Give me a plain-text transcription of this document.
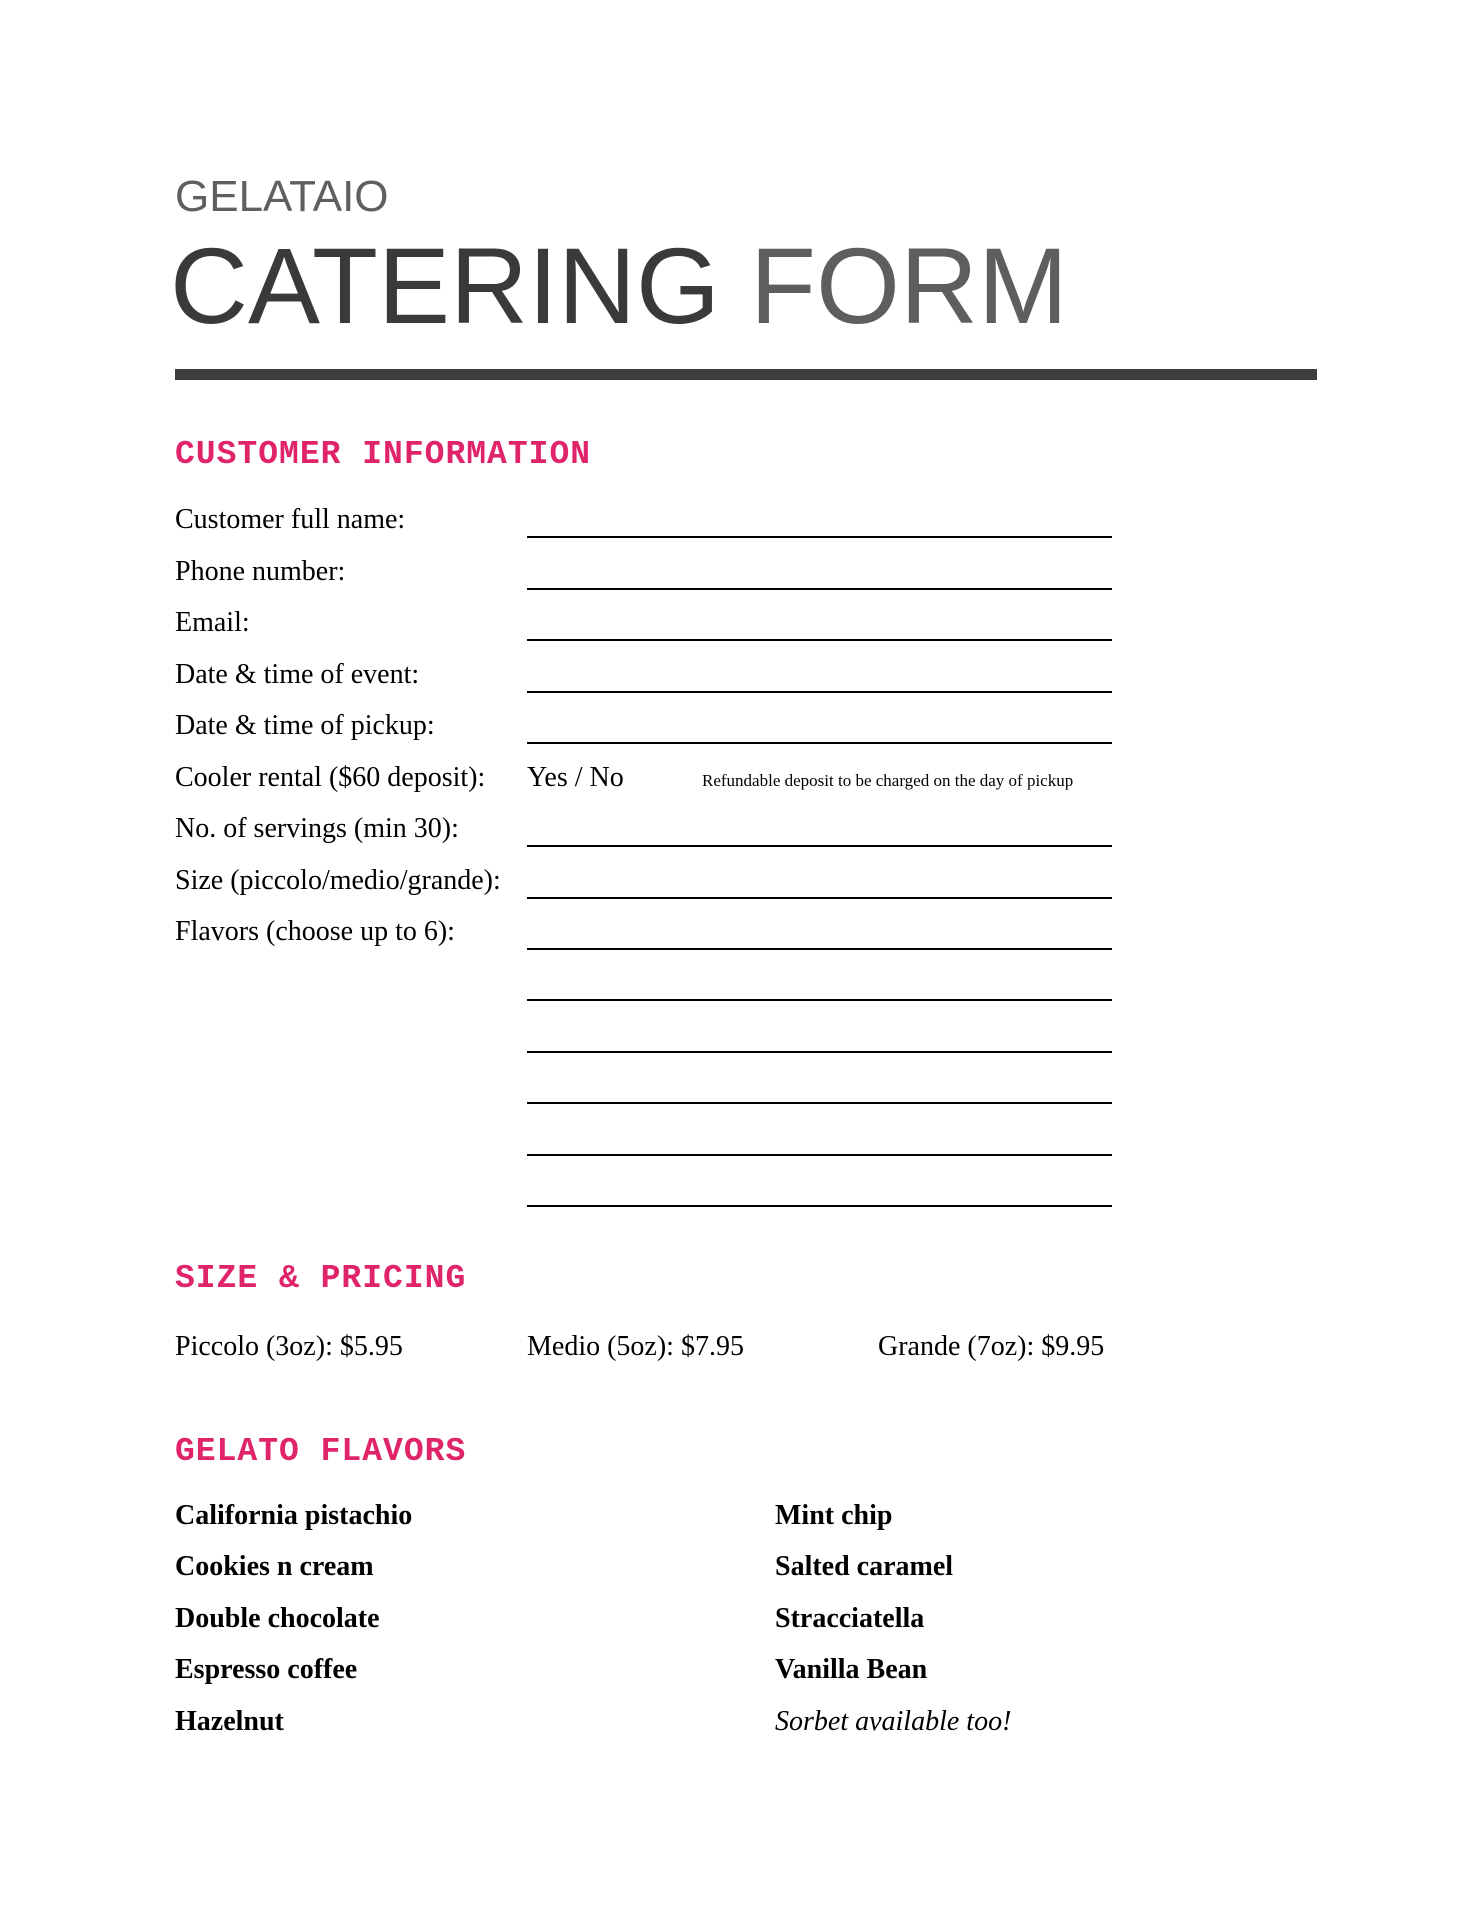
GELATAIO
CATERING FORM
CUSTOMER INFORMATION
Customer full name:
Phone number:
Email:
Date & time of event:
Date & time of pickup:
Cooler rental ($60 deposit): Yes / No	Refundable deposit to be charged on the day of pickup
No. of servings (min 30):
Size (piccolo/medio/grande):
Flavors (choose up to 6):
SIZE & PRICING
Piccolo (3oz): $5.95	Medio (5oz): $7.95	Grande (7oz): $9.95
GELATO FLAVORS
California pistachio
Cookies n cream
Double chocolate
Espresso coffee
Hazelnut
Mint chip
Salted caramel
Stracciatella
Vanilla Bean
Sorbet available too!
